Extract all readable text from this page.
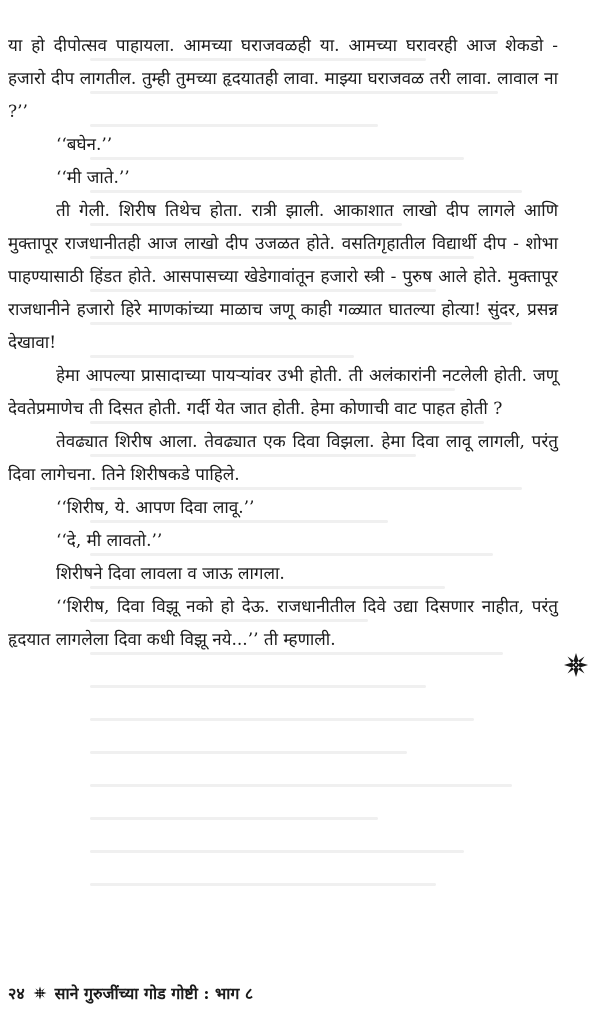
या हो दीपोत्सव पाहायला. आमच्या घराजवळही या. आमच्या घरावरही आज शेकडो - हजारो दीप लागतील. तुम्ही तुमच्या हृदयातही लावा. माझ्या घराजवळ तरी लावा. लावाल ना ?’’

‘‘बघेन.’’

‘‘मी जाते.’’

ती गेली. शिरीष तिथेच होता. रात्री झाली. आकाशात लाखो दीप लागले आणि मुक्तापूर राजधानीतही आज लाखो दीप उजळत होते. वसतिगृहातील विद्यार्थी दीप - शोभा पाहण्यासाठी हिंडत होते. आसपासच्या खेडेगावांतून हजारो स्त्री - पुरुष आले होते. मुक्तापूर राजधानीने हजारो हिरे माणकांच्या माळाच जणू काही गळ्यात घातल्या होत्या! सुंदर, प्रसन्न देखावा!

हेमा आपल्या प्रासादाच्या पायऱ्यांवर उभी होती. ती अलंकारांनी नटलेली होती. जणू देवतेप्रमाणेच ती दिसत होती. गर्दी येत जात होती. हेमा कोणाची वाट पाहत होती ?

तेवढ्यात शिरीष आला. तेवढ्यात एक दिवा विझला. हेमा दिवा लावू लागली, परंतु दिवा लागेचना. तिने शिरीषकडे पाहिले.

‘‘शिरीष, ये. आपण दिवा लावू.’’

‘‘दे, मी लावतो.’’

शिरीषने दिवा लावला व जाऊ लागला.

‘‘शिरीष, दिवा विझू नको हो देऊ. राजधानीतील दिवे उद्या दिसणार नाहीत, परंतु हृदयात लागलेला दिवा कधी विझू नये...’’ ती म्हणाली.

२४ साने गुरुजींच्या गोड गोष्टी : भाग ८
